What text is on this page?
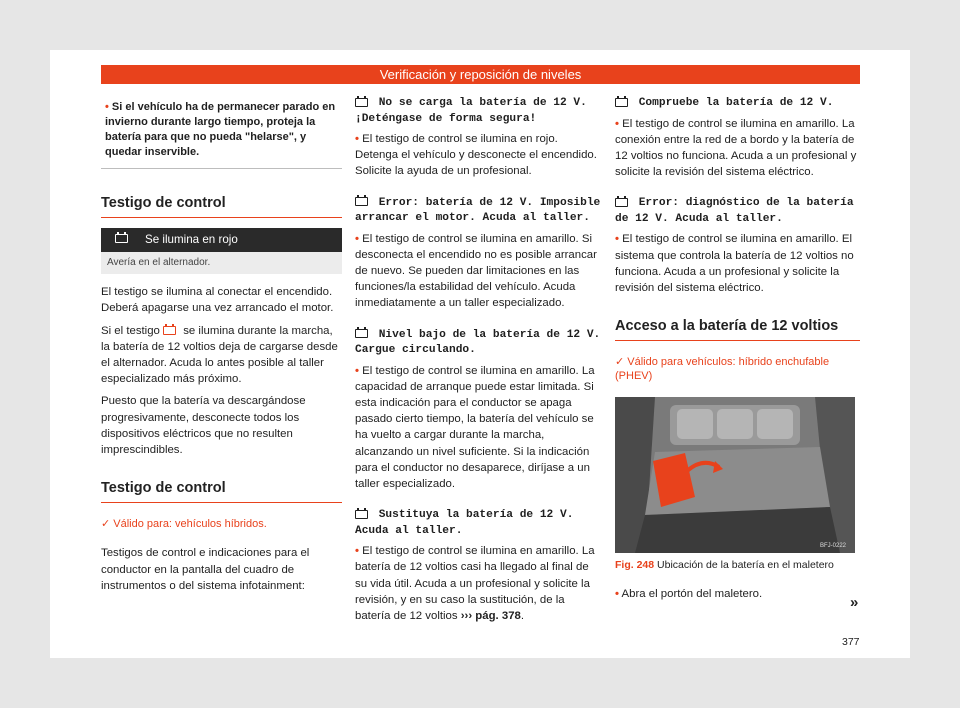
Verificación y reposición de niveles
• Si el vehículo ha de permanecer parado en invierno durante largo tiempo, proteja la batería para que no pueda "helarse", y quedar inservible.
Testigo de control
Se ilumina en rojo
Avería en el alternador.

El testigo se ilumina al conectar el encendido. Deberá apagarse una vez arrancado el motor.

Si el testigo se ilumina durante la marcha, la batería de 12 voltios deja de cargarse desde el alternador. Acuda lo antes posible al taller especializado más próximo.

Puesto que la batería va descargándose progresivamente, desconecte todos los dispositivos eléctricos que no resulten imprescindibles.

Testigo de control
✓ Válido para: vehículos híbridos.

Testigos de control e indicaciones para el conductor en la pantalla del cuadro de instrumentos o del sistema infotainment:

No se carga la batería de 12 V. ¡Deténgase de forma segura!

• El testigo de control se ilumina en rojo. Detenga el vehículo y desconecte el encendido. Solicite la ayuda de un profesional.

Error: batería de 12 V. Imposible arrancar el motor. Acuda al taller.

• El testigo de control se ilumina en amarillo. Si desconecta el encendido no es posible arrancar de nuevo. Se pueden dar limitaciones en las funciones/la estabilidad del vehículo. Acuda inmediatamente a un taller especializado.

Nivel bajo de la batería de 12 V. Cargue circulando.

• El testigo de control se ilumina en amarillo. La capacidad de arranque puede estar limitada. Si esta indicación para el conductor se apaga pasado cierto tiempo, la batería del vehículo se ha vuelto a cargar durante la marcha, alcanzando un nivel suficiente. Si la indicación para el conductor no desaparece, diríjase a un taller especializado.

Sustituya la batería de 12 V. Acuda al taller.

• El testigo de control se ilumina en amarillo. La batería de 12 voltios casi ha llegado al final de su vida útil. Acuda a un profesional y solicite la revisión, y en su caso la sustitución, de la batería de 12 voltios ››› pág. 378.

Compruebe la batería de 12 V.

• El testigo de control se ilumina en amarillo. La conexión entre la red de a bordo y la batería de 12 voltios no funciona. Acuda a un profesional y solicite la revisión del sistema eléctrico.

Error: diagnóstico de la batería de 12 V. Acuda al taller.

• El testigo de control se ilumina en amarillo. El sistema que controla la batería de 12 voltios no funciona. Acuda a un profesional y solicite la revisión del sistema eléctrico.

Acceso a la batería de 12 voltios
✓ Válido para vehículos: híbrido enchufable (PHEV)
BFJ-0222
Fig. 248 Ubicación de la batería en el maletero

• Abra el portón del maletero.	»
377
